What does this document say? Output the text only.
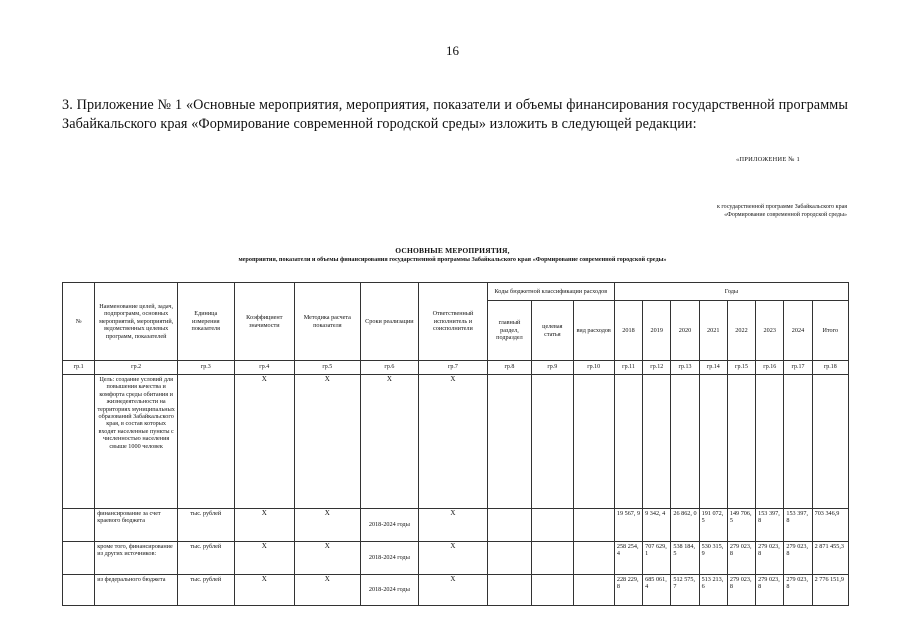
16
3. Приложение № 1 «Основные мероприятия, мероприятия, показатели и объемы финансирования государственной программы Забайкальского края «Формирование современной городской среды» изложить в следующей редакции:
«ПРИЛОЖЕНИЕ № 1
к государственной программе Забайкальского края
«Формирование современной городской среды»
ОСНОВНЫЕ МЕРОПРИЯТИЯ,
мероприятия, показатели и объемы финансирования государственной программы Забайкальского края «Формирование современной городской среды»
№	Наименование целей, задач, подпрограмм, основных мероприятий, мероприятий, ведомственных целевых программ, показателей	Единица измерения показателя	Коэффициент значимости	Методика расчета показателя	Сроки реализации	Ответственный исполнитель и соисполнители	Коды бюджетной классификации расходов			Годы							
							главный раздел, подраздел	целевая статья	вид расходов	2018	2019	2020	2021	2022	2023	2024	Итого
гр.1	гр.2	гр.3	гр.4	гр.5	гр.6	гр.7	гр.8	гр.9	гр.10	гр.11	гр.12	гр.13	гр.14	гр.15	гр.16	гр.17	гр.18
	Цель: создание условий для повышения качества и комфорта среды обитания и жизнедеятельности на территориях муниципальных образований Забайкальского края, в состав которых входят населенные пункты с численностью населения свыше 1000 человек		X	X	X	X											
	финансирование за счет краевого бюджета	тыс. рублей	X	X	2018-2024 годы	X				19 567, 9	9 342, 4	26 862, 0	191 072, 5	149 706, 5	153 397, 8	153 397, 8	703 346,9
	кроме того, финансирование из других источников:	тыс. рублей	X	X	2018-2024 годы	X				258 254, 4	707 629, 1	538 184, 5	530 315, 9	279 023, 8	279 023, 8	279 023, 8	2 871 455,3
	из федерального бюджета	тыс. рублей	X	X	2018-2024 годы	X				228 229, 8	685 061, 4	512 575, 7	513 213, 6	279 023, 8	279 023, 8	279 023, 8	2 776 151,9
